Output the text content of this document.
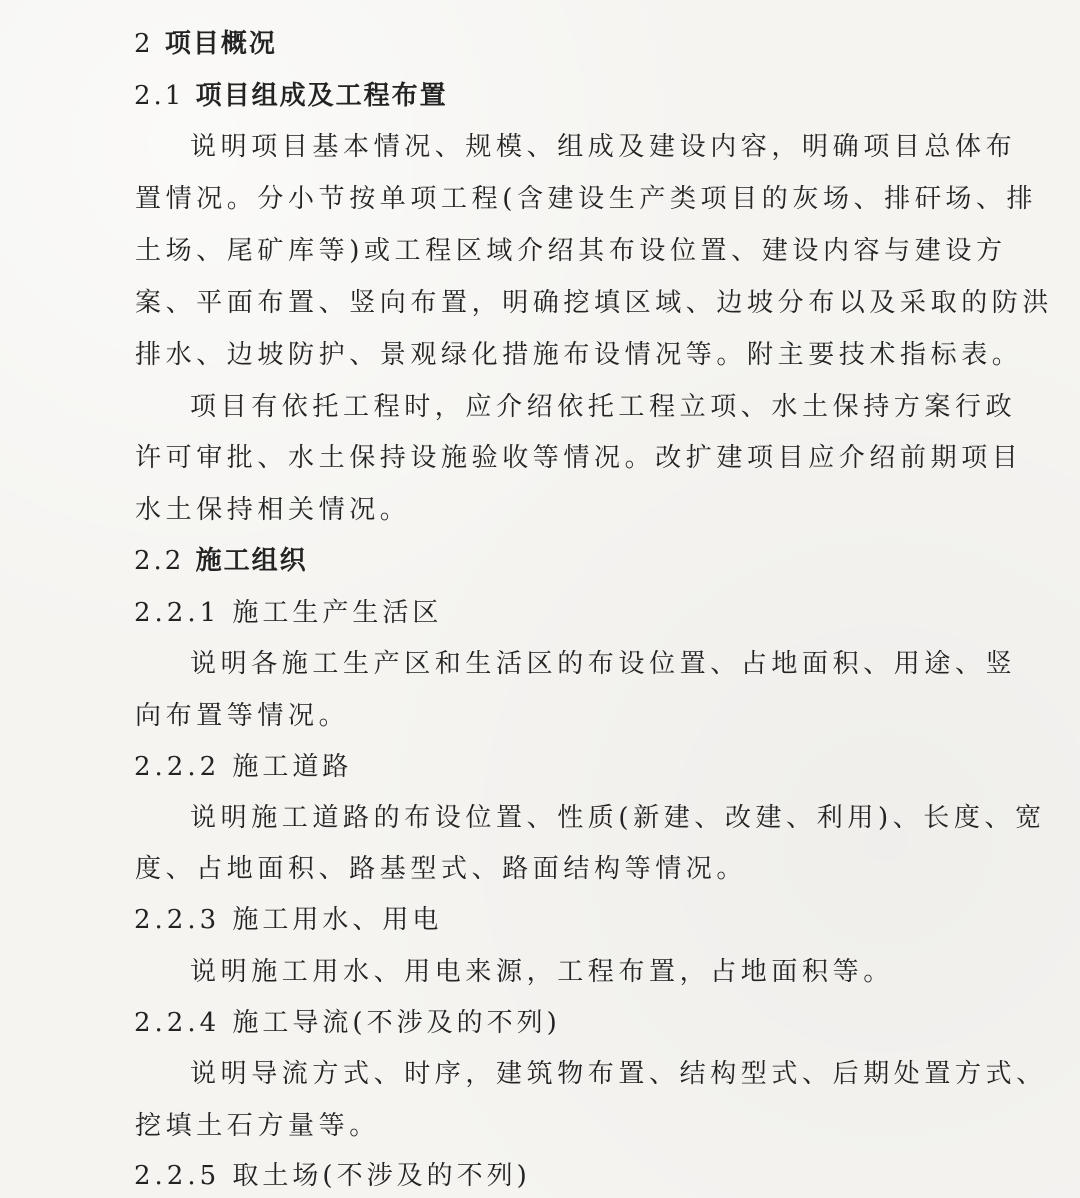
2 项目概况
2.1 项目组成及工程布置
说明项目基本情况、规模、组成及建设内容，明确项目总体布
置情况。分小节按单项工程(含建设生产类项目的灰场、排矸场、排
土场、尾矿库等)或工程区域介绍其布设位置、建设内容与建设方
案、平面布置、竖向布置，明确挖填区域、边坡分布以及采取的防洪
排水、边坡防护、景观绿化措施布设情况等。附主要技术指标表。
项目有依托工程时，应介绍依托工程立项、水土保持方案行政
许可审批、水土保持设施验收等情况。改扩建项目应介绍前期项目
水土保持相关情况。
2.2 施工组织
2.2.1 施工生产生活区
说明各施工生产区和生活区的布设位置、占地面积、用途、竖
向布置等情况。
2.2.2 施工道路
说明施工道路的布设位置、性质(新建、改建、利用)、长度、宽
度、占地面积、路基型式、路面结构等情况。
2.2.3 施工用水、用电
说明施工用水、用电来源，工程布置，占地面积等。
2.2.4 施工导流(不涉及的不列)
说明导流方式、时序，建筑物布置、结构型式、后期处置方式、
挖填土石方量等。
2.2.5 取土场(不涉及的不列)
